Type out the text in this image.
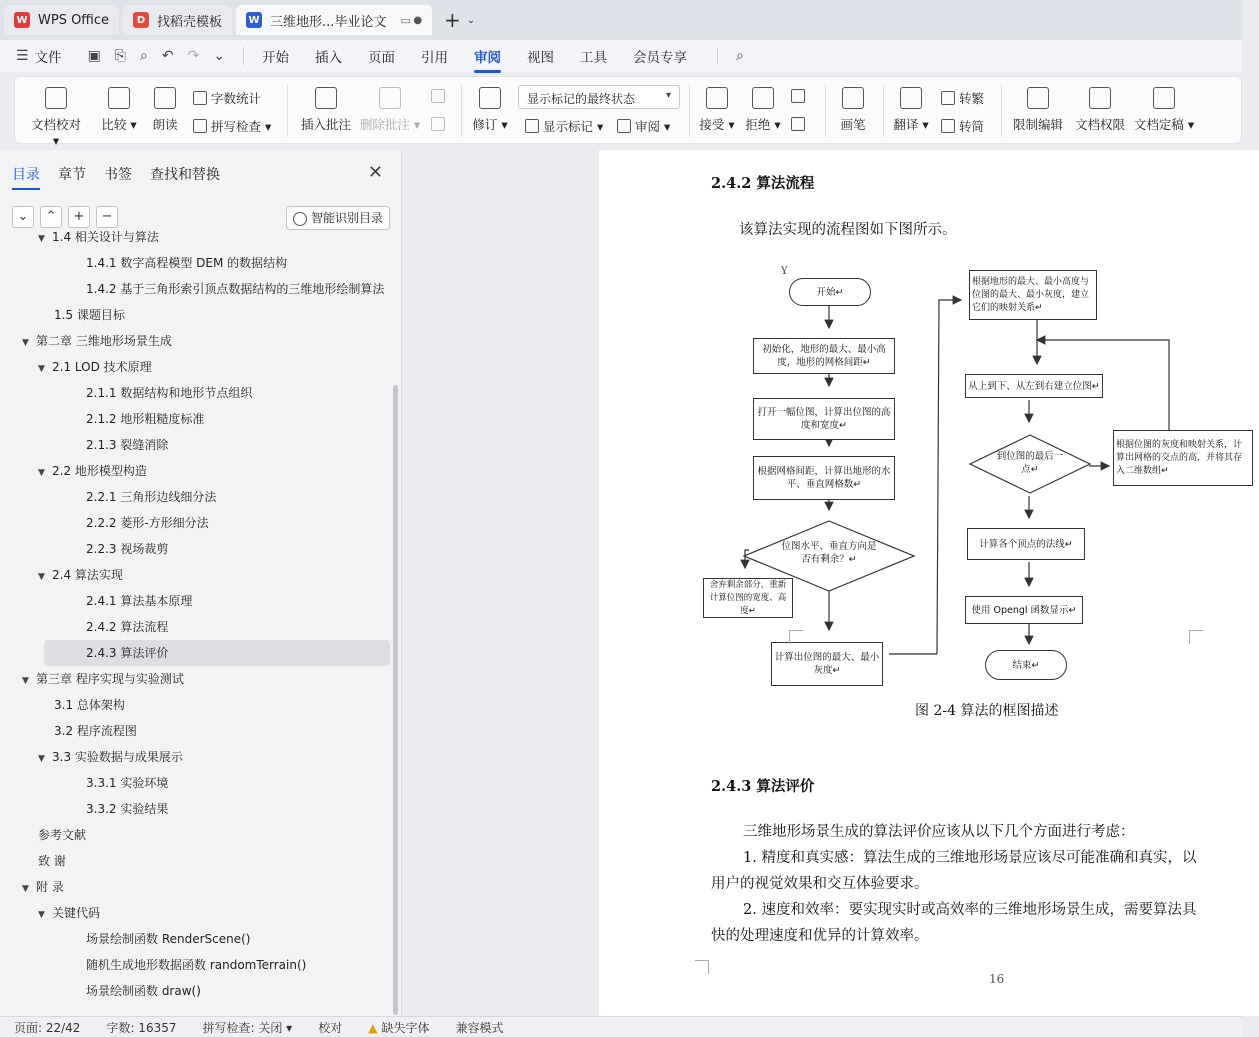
W WPS Office	D 找稻壳模板	W 三维地形...毕业论文 ▭ ● + ⌄
☰ 文件 ▣ ⎘ ⌕ ↶ ↷ ⌄	开始 插入 页面 引用 审阅 视图 工具 会员专享	⌕
文档校对 ▾
比较 ▾	朗读
字数统计
拼写检查 ▾ 插入批注 删除批注 ▾	修订 ▾
显示标记的最终状态	▾
显示标记 ▾	审阅 ▾ 接受 ▾ 拒绝 ▾	画笔	翻译 ▾
转繁
转简 限制编辑 文档权限 文档定稿 ▾
目录 章节 书签 查找和替换	✕
⌄	⌃	+	−	智能识别目录
▼ 1.4 相关设计与算法
1.4.1 数字高程模型 DEM 的数据结构
1.4.2 基于三角形索引顶点数据结构的三维地形绘制算法
1.5 课题目标
▼ 第二章 三维地形场景生成
▼ 2.1 LOD 技术原理
2.1.1 数据结构和地形节点组织
2.1.2 地形粗糙度标准
2.1.3 裂缝消除
▼ 2.2 地形模型构造
2.2.1 三角形边线细分法
2.2.2 菱形-方形细分法
2.2.3 视场裁剪
▼ 2.4 算法实现
2.4.1 算法基本原理
2.4.2 算法流程
2.4.3 算法评价
▼ 第三章 程序实现与实验测试
3.1 总体架构
3.2 程序流程图
▼ 3.3 实验数据与成果展示
3.3.1 实验环境
3.3.2 实验结果
参考文献
致 谢
▼ 附 录
▼ 关键代码
场景绘制函数 RenderScene()
随机生成地形数据函数 randomTerrain()
场景绘制函数 draw()
2.4.2 算法流程
该算法实现的流程图如下图所示。
Y
开始↵
初始化，地形的最大、最小高度，地形的网格间距↵
打开一幅位图，计算出位图的高度和宽度↵
根据网格间距，计算出地形的水平、垂直网格数↵
位图水平、垂直方向是否有剩余？↵
舍弃剩余部分，重新计算位图的宽度、高度↵
计算出位图的最大、最小灰度↵
根据地形的最大、最小高度与位图的最大、最小灰度，建立它们的映射关系↵
从上到下、从左到右建立位图↵
到位图的最后一点↵
根据位图的灰度和映射关系，计算出网格的交点的高，并将其存入二维数组↵
计算各个顶点的法线↵
使用 Opengl 函数显示↵
结束↵
图 2-4 算法的框图描述
2.4.3 算法评价
三维地形场景生成的算法评价应该从以下几个方面进行考虑：
1. 精度和真实感：算法生成的三维地形场景应该尽可能准确和真实，以
用户的视觉效果和交互体验要求。
2. 速度和效率：要实现实时或高效率的三维地形场景生成，需要算法具
快的处理速度和优异的计算效率。
16
页面: 22/42 字数: 16357 拼写检查: 关闭 ▾ 校对 ▲ 缺失字体 兼容模式
